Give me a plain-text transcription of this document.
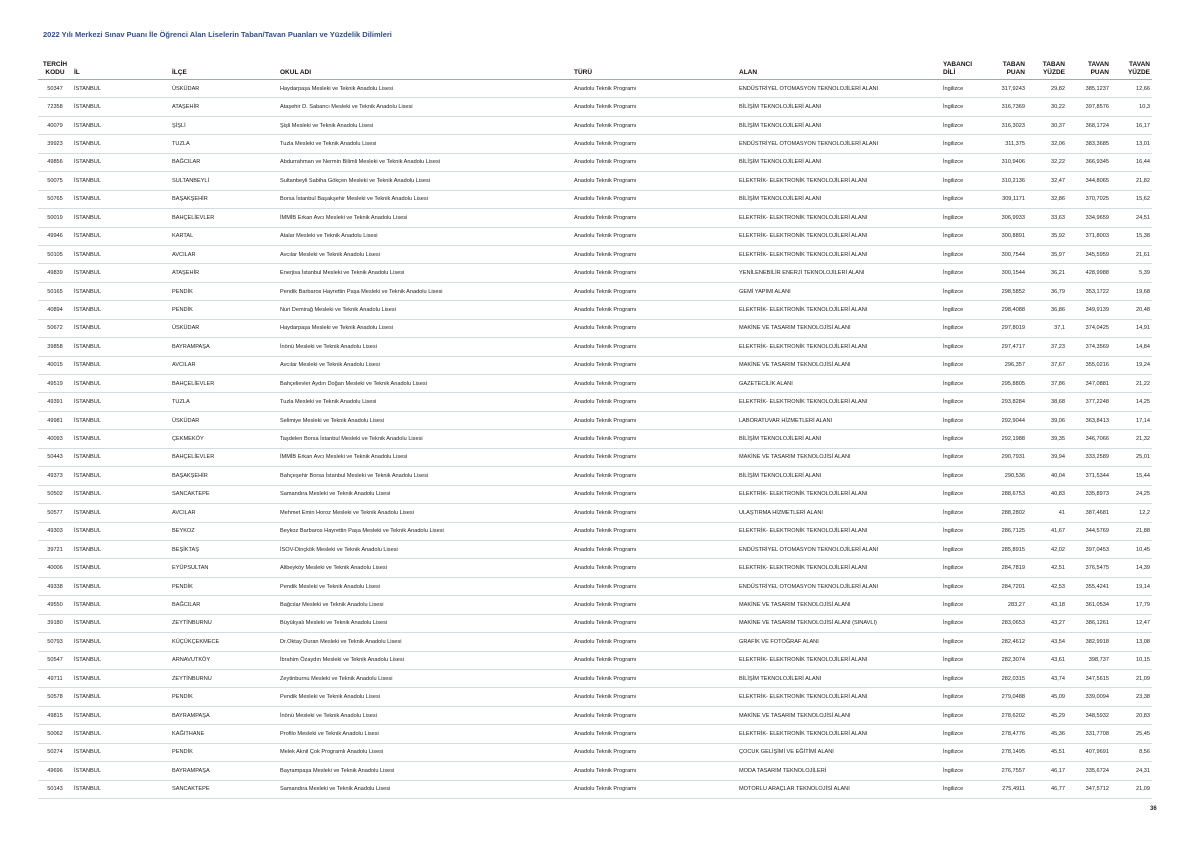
2022 Yılı Merkezi Sınav Puanı İle Öğrenci Alan Liselerin Taban/Tavan Puanları ve Yüzdelik Dilimleri
TERCİH KODU	İL	İLÇE	OKUL ADI	TÜRÜ	ALAN	YABANCI DİLİ	TABAN PUAN	TABAN YÜZDE	TAVAN PUAN	TAVAN YÜZDE
50347	İSTANBUL	ÜSKÜDAR	Haydarpaşa Mesleki ve Teknik Anadolu Lisesi	Anadolu Teknik Programı	ENDÜSTRİYEL OTOMASYON TEKNOLOJİLERİ ALANI	İngilizce	317,9243	29,82	385,1237	12,66
72358	İSTANBUL	ATAŞEHİR	Ataşehir D. Sabancı Mesleki ve Teknik Anadolu Lisesi	Anadolu Teknik Programı	BİLİŞİM TEKNOLOJİLERİ ALANI	İngilizce	316,7369	30,22	397,8576	10,3
40079	İSTANBUL	ŞİŞLİ	Şişli Mesleki ve Teknik Anadolu Lisesi	Anadolu Teknik Programı	BİLİŞİM TEKNOLOJİLERİ ALANI	İngilizce	316,3023	30,37	368,1724	16,17
39923	İSTANBUL	TUZLA	Tuzla Mesleki ve Teknik Anadolu Lisesi	Anadolu Teknik Programı	ENDÜSTRİYEL OTOMASYON TEKNOLOJİLERİ ALANI	İngilizce	311,375	32,06	383,3685	13,01
49856	İSTANBUL	BAĞCILAR	Abdurrahman ve Nermin Bilimli Mesleki ve Teknik Anadolu Lisesi	Anadolu Teknik Programı	BİLİŞİM TEKNOLOJİLERİ ALANI	İngilizce	310,9406	32,22	366,9345	16,44
50075	İSTANBUL	SULTANBEYLİ	Sultanbeyli Sabiha Gökçen Mesleki ve Teknik Anadolu Lisesi	Anadolu Teknik Programı	ELEKTRİK- ELEKTRONİK TEKNOLOJİLERİ ALANI	İngilizce	310,2136	32,47	344,8065	21,82
50765	İSTANBUL	BAŞAKŞEHİR	Borsa İstanbul Başakşehir Mesleki ve Teknik Anadolu Lisesi	Anadolu Teknik Programı	BİLİŞİM TEKNOLOJİLERİ ALANI	İngilizce	309,1171	32,86	370,7025	15,62
50019	İSTANBUL	BAHÇELİEVLER	İMMİB Erkan Avcı Mesleki ve Teknik Anadolu Lisesi	Anadolu Teknik Programı	ELEKTRİK- ELEKTRONİK TEKNOLOJİLERİ ALANI	İngilizce	306,9933	33,63	334,9659	24,51
49946	İSTANBUL	KARTAL	Atalar Mesleki ve Teknik Anadolu Lisesi	Anadolu Teknik Programı	ELEKTRİK- ELEKTRONİK TEKNOLOJİLERİ ALANI	İngilizce	300,8891	35,92	371,8003	15,38
50105	İSTANBUL	AVCILAR	Avcılar Mesleki ve Teknik Anadolu Lisesi	Anadolu Teknik Programı	ELEKTRİK- ELEKTRONİK TEKNOLOJİLERİ ALANI	İngilizce	300,7544	35,97	345,5959	21,61
49839	İSTANBUL	ATAŞEHİR	Enerjisa İstanbul Mesleki ve Teknik Anadolu Lisesi	Anadolu Teknik Programı	YENİLENEBİLİR ENERJİ TEKNOLOJİLERİ ALANI	İngilizce	300,1544	36,21	428,9988	5,39
50165	İSTANBUL	PENDİK	Pendik Barbaros Hayrettin Paşa Mesleki ve Teknik Anadolu Lisesi	Anadolu Teknik Programı	GEMİ YAPIMI ALANI	İngilizce	298,5852	36,79	353,1722	19,68
40894	İSTANBUL	PENDİK	Nuri Demirağ Mesleki ve Teknik Anadolu Lisesi	Anadolu Teknik Programı	ELEKTRİK- ELEKTRONİK TEKNOLOJİLERİ ALANI	İngilizce	298,4088	36,86	349,9139	20,48
50672	İSTANBUL	ÜSKÜDAR	Haydarpaşa Mesleki ve Teknik Anadolu Lisesi	Anadolu Teknik Programı	MAKİNE VE TASARIM TEKNOLOJİSİ ALANI	İngilizce	297,8019	37,1	374,0425	14,91
39858	İSTANBUL	BAYRAMPAŞA	İnönü Mesleki ve Teknik Anadolu Lisesi	Anadolu Teknik Programı	ELEKTRİK- ELEKTRONİK TEKNOLOJİLERİ ALANI	İngilizce	297,4717	37,23	374,3569	14,84
40015	İSTANBUL	AVCILAR	Avcılar Mesleki ve Teknik Anadolu Lisesi	Anadolu Teknik Programı	MAKİNE VE TASARIM TEKNOLOJİSİ ALANI	İngilizce	296,357	37,67	355,0216	19,24
49519	İSTANBUL	BAHÇELİEVLER	Bahçelievler Aydın Doğan Mesleki ve Teknik Anadolu Lisesi	Anadolu Teknik Programı	GAZETECİLİK ALANI	İngilizce	295,8805	37,86	347,0881	21,22
49391	İSTANBUL	TUZLA	Tuzla Mesleki ve Teknik Anadolu Lisesi	Anadolu Teknik Programı	ELEKTRİK- ELEKTRONİK TEKNOLOJİLERİ ALANI	İngilizce	293,8284	38,68	377,2248	14,25
49981	İSTANBUL	ÜSKÜDAR	Selimiye Mesleki ve Teknik Anadolu Lisesi	Anadolu Teknik Programı	LABORATUVAR HİZMETLERİ ALANI	İngilizce	292,9044	39,06	363,8413	17,14
40093	İSTANBUL	ÇEKMEKÖY	Taşdelen Borsa İstanbul Mesleki ve Teknik Anadolu Lisesi	Anadolu Teknik Programı	BİLİŞİM TEKNOLOJİLERİ ALANI	İngilizce	292,1988	39,35	346,7066	21,32
50443	İSTANBUL	BAHÇELİEVLER	İMMİB Erkan Avcı Mesleki ve Teknik Anadolu Lisesi	Anadolu Teknik Programı	MAKİNE VE TASARIM TEKNOLOJİSİ ALANI	İngilizce	290,7931	39,94	333,2589	25,01
49373	İSTANBUL	BAŞAKŞEHİR	Bahçeşehir Borsa İstanbul Mesleki ve Teknik Anadolu Lisesi	Anadolu Teknik Programı	BİLİŞİM TEKNOLOJİLERİ ALANI	İngilizce	290,536	40,04	371,5344	15,44
50502	İSTANBUL	SANCAKTEPE	Samandıra Mesleki ve Teknik Anadolu Lisesi	Anadolu Teknik Programı	ELEKTRİK- ELEKTRONİK TEKNOLOJİLERİ ALANI	İngilizce	288,6753	40,83	335,8973	24,25
50577	İSTANBUL	AVCILAR	Mehmet Emin Horoz Mesleki ve Teknik Anadolu Lisesi	Anadolu Teknik Programı	ULAŞTIRMA HİZMETLERİ ALANI	İngilizce	288,2802	41	387,4681	12,2
49303	İSTANBUL	BEYKOZ	Beykoz Barbaros Hayrettin Paşa Mesleki ve Teknik Anadolu Lisesi	Anadolu Teknik Programı	ELEKTRİK- ELEKTRONİK TEKNOLOJİLERİ ALANI	İngilizce	286,7125	41,67	344,5769	21,88
39721	İSTANBUL	BEŞİKTAŞ	İSOV-Dinçkök Mesleki ve Teknik Anadolu Lisesi	Anadolu Teknik Programı	ENDÜSTRİYEL OTOMASYON TEKNOLOJİLERİ ALANI	İngilizce	285,8915	42,02	397,0453	10,45
40006	İSTANBUL	EYÜPSULTAN	Alibeyköy Mesleki ve Teknik Anadolu Lisesi	Anadolu Teknik Programı	ELEKTRİK- ELEKTRONİK TEKNOLOJİLERİ ALANI	İngilizce	284,7819	42,51	376,5475	14,39
49338	İSTANBUL	PENDİK	Pendik Mesleki ve Teknik Anadolu Lisesi	Anadolu Teknik Programı	ENDÜSTRİYEL OTOMASYON TEKNOLOJİLERİ ALANI	İngilizce	284,7201	42,53	355,4241	19,14
49550	İSTANBUL	BAĞCILAR	Bağcılar Mesleki ve Teknik Anadolu Lisesi	Anadolu Teknik Programı	MAKİNE VE TASARIM TEKNOLOJİSİ ALANI	İngilizce	283,27	43,18	361,0534	17,79
39180	İSTANBUL	ZEYTİNBURNU	Büyükyalı Mesleki ve Teknik Anadolu Lisesi	Anadolu Teknik Programı	MAKİNE VE TASARIM TEKNOLOJİSİ ALANI (SINAVLI)	İngilizce	283,0653	43,27	386,1261	12,47
50793	İSTANBUL	KÜÇÜKÇEKMECE	Dr.Oktay Duran Mesleki ve Teknik Anadolu Lisesi	Anadolu Teknik Programı	GRAFİK VE FOTOĞRAF ALANI	İngilizce	282,4612	43,54	382,9918	13,08
50547	İSTANBUL	ARNAVUTKÖY	İbrahim Özaydın Mesleki ve Teknik Anadolu Lisesi	Anadolu Teknik Programı	ELEKTRİK- ELEKTRONİK TEKNOLOJİLERİ ALANI	İngilizce	282,3074	43,61	398,737	10,15
49711	İSTANBUL	ZEYTİNBURNU	Zeytinburnu Mesleki ve Teknik Anadolu Lisesi	Anadolu Teknik Programı	BİLİŞİM TEKNOLOJİLERİ ALANI	İngilizce	282,0315	43,74	347,5615	21,09
50578	İSTANBUL	PENDİK	Pendik Mesleki ve Teknik Anadolu Lisesi	Anadolu Teknik Programı	ELEKTRİK- ELEKTRONİK TEKNOLOJİLERİ ALANI	İngilizce	279,0488	45,09	339,0094	23,38
49815	İSTANBUL	BAYRAMPAŞA	İnönü Mesleki ve Teknik Anadolu Lisesi	Anadolu Teknik Programı	MAKİNE VE TASARIM TEKNOLOJİSİ ALANI	İngilizce	278,6202	45,29	348,5932	20,83
50062	İSTANBUL	KAĞITHANE	Profilo Mesleki ve Teknik Anadolu Lisesi	Anadolu Teknik Programı	ELEKTRİK- ELEKTRONİK TEKNOLOJİLERİ ALANI	İngilizce	278,4776	45,36	331,7708	25,45
50274	İSTANBUL	PENDİK	Melek Aknil Çok Programlı Anadolu Lisesi	Anadolu Teknik Programı	ÇOCUK GELİŞİMİ VE EĞİTİMİ ALANI	İngilizce	278,1495	45,51	407,9691	8,56
49696	İSTANBUL	BAYRAMPAŞA	Bayrampaşa Mesleki ve Teknik Anadolu Lisesi	Anadolu Teknik Programı	MODA TASARIM TEKNOLOJİLERİ	İngilizce	276,7557	46,17	335,6724	24,31
50143	İSTANBUL	SANCAKTEPE	Samandıra Mesleki ve Teknik Anadolu Lisesi	Anadolu Teknik Programı	MOTORLU ARAÇLAR TEKNOLOJİSİ ALANI	İngilizce	275,4911	46,77	347,5712	21,09
36
